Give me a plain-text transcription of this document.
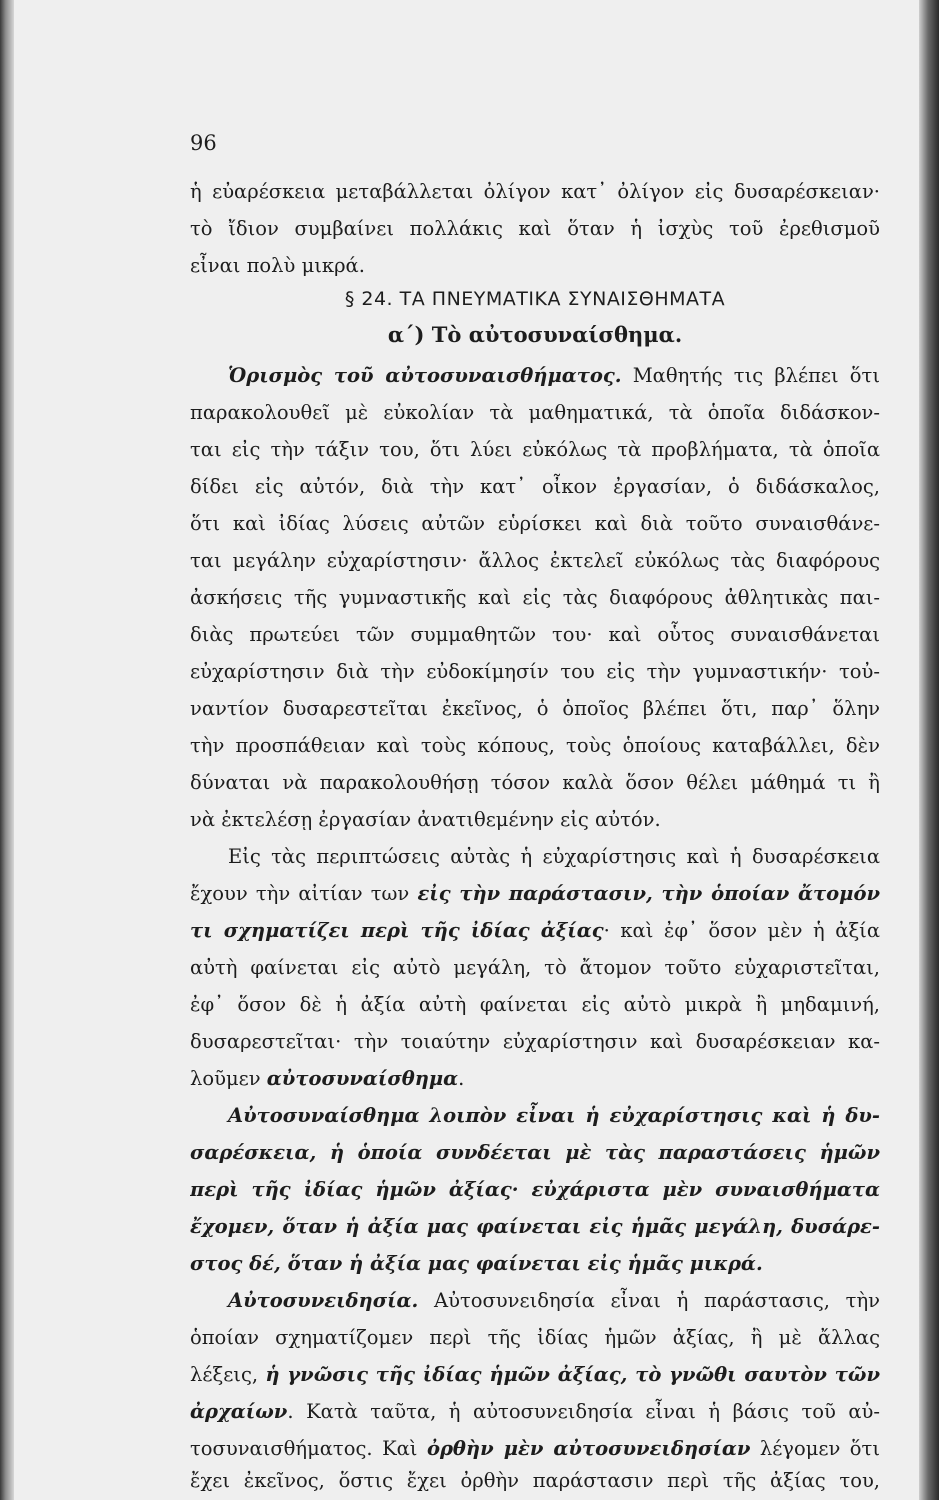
96
ἡ εὐαρέσκεια μεταβάλλεται ὀλίγον κατ᾽ ὀλίγον εἰς δυσαρέσκειαν·
τὸ ἴδιον συμβαίνει πολλάκις καὶ ὅταν ἡ ἰσχὺς τοῦ ἐρεθισμοῦ
εἶναι πολὺ μικρά.
§ 24. ΤΑ ΠΝΕΥΜΑΤΙΚΑ ΣΥΝΑΙΣΘΗΜΑΤΑ
α΄) Τὸ αὐτοσυναίσθημα.
Ὁρισμὸς τοῦ αὐτοσυναισθήματος. Μαθητής τις βλέπει ὅτι
παρακολουθεῖ μὲ εὐκολίαν τὰ μαθηματικά, τὰ ὁποῖα διδάσκον-
ται εἰς τὴν τάξιν του, ὅτι λύει εὐκόλως τὰ προβλήματα, τὰ ὁποῖα
δίδει εἰς αὐτόν, διὰ τὴν κατ᾽ οἶκον ἐργασίαν, ὁ διδάσκαλος,
ὅτι καὶ ἰδίας λύσεις αὐτῶν εὑρίσκει καὶ διὰ τοῦτο συναισθάνε-
ται μεγάλην εὐχαρίστησιν· ἄλλος ἐκτελεῖ εὐκόλως τὰς διαφόρους
ἀσκήσεις τῆς γυμναστικῆς καὶ εἰς τὰς διαφόρους ἀθλητικὰς παι-
διὰς πρωτεύει τῶν συμμαθητῶν του· καὶ οὗτος συναισθάνεται
εὐχαρίστησιν διὰ τὴν εὐδοκίμησίν του εἰς τὴν γυμναστικήν· τοὐ-
ναντίον δυσαρεστεῖται ἐκεῖνος, ὁ ὁποῖος βλέπει ὅτι, παρ᾽ ὅλην
τὴν προσπάθειαν καὶ τοὺς κόπους, τοὺς ὁποίους καταβάλλει, δὲν
δύναται νὰ παρακολουθήσῃ τόσον καλὰ ὅσον θέλει μάθημά τι ἢ
νὰ ἐκτελέσῃ ἐργασίαν ἀνατιθεμένην εἰς αὐτόν.
Εἰς τὰς περιπτώσεις αὐτὰς ἡ εὐχαρίστησις καὶ ἡ δυσαρέσκεια
ἔχουν τὴν αἰτίαν των εἰς τὴν παράστασιν, τὴν ὁποίαν ἄτομόν
τι σχηματίζει περὶ τῆς ἰδίας ἀξίας· καὶ ἐφ᾽ ὅσον μὲν ἡ ἀξία
αὐτὴ φαίνεται εἰς αὐτὸ μεγάλη, τὸ ἄτομον τοῦτο εὐχαριστεῖται,
ἐφ᾽ ὅσον δὲ ἡ ἀξία αὐτὴ φαίνεται εἰς αὐτὸ μικρὰ ἢ μηδαμινή,
δυσαρεστεῖται· τὴν τοιαύτην εὐχαρίστησιν καὶ δυσαρέσκειαν κα-
λοῦμεν αὐτοσυναίσθημα.
Αὐτοσυναίσθημα λοιπὸν εἶναι ἡ εὐχαρίστησις καὶ ἡ δυ-
σαρέσκεια, ἡ ὁποία συνδέεται μὲ τὰς παραστάσεις ἡμῶν
περὶ τῆς ἰδίας ἡμῶν ἀξίας· εὐχάριστα μὲν συναισθήματα
ἔχομεν, ὅταν ἡ ἀξία μας φαίνεται εἰς ἡμᾶς μεγάλη, δυσάρε-
στος δέ, ὅταν ἡ ἀξία μας φαίνεται εἰς ἡμᾶς μικρά.
Αὐτοσυνειδησία. Αὐτοσυνειδησία εἶναι ἡ παράστασις, τὴν
ὁποίαν σχηματίζομεν περὶ τῆς ἰδίας ἡμῶν ἀξίας, ἢ μὲ ἄλλας
λέξεις, ἡ γνῶσις τῆς ἰδίας ἡμῶν ἀξίας, τὸ γνῶθι σαυτὸν τῶν
ἀρχαίων. Κατὰ ταῦτα, ἡ αὐτοσυνειδησία εἶναι ἡ βάσις τοῦ αὐ-
τοσυναισθήματος. Καὶ ὀρθὴν μὲν αὐτοσυνειδησίαν λέγομεν ὅτι
ἔχει ἐκεῖνος, ὅστις ἔχει ὀρθὴν παράστασιν περὶ τῆς ἀξίας του,
